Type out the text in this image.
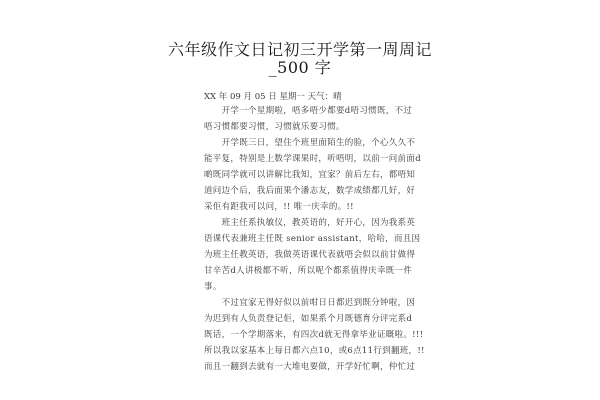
六年级作文日记初三开学第一周周记
_500 字
XX 年 09 月 05 日 星期一 天气：晴
　　开学一个星期啦，唔多唔少都要d唔习惯既，不过
唔习惯都要习惯，习惯就乐要习惯。
　　开学既三日，望住个班里面陌生的脸，个心久久不
能平复，特别是上数学课果时，听唔明，以前一问前面d
啲既同学就可以讲解比我知，宜家？前后左右，都唔知
道问边个后，我后面果个潘志友，数学成绩都几好，好
采佢有距我可以问，!! 唯一庆幸的。!!
　　班主任系执敏仪，教英语的，好开心，因为我系英
语课代表兼班主任既 senior assistant，哈哈，而且因
为班主任教英语，我做英语课代表就唔会似以前甘做得
甘辛苦d人讲极都不听，所以呢个都系值得庆幸既一件
事。
　　不过宜家无得好似以前咁日日都迟到既分钟啦，因
为迟到有人负责登记佢，如果系个月既德育分评完系d
既话，一个学期落来，有四次d就无得拿毕业证嘅啦。!!!
所以我以家基本上每日都六点10，或6点11行到翻班，!!
而且一翻到去就有一大堆电要做，开学好忙啊，仲忙过
